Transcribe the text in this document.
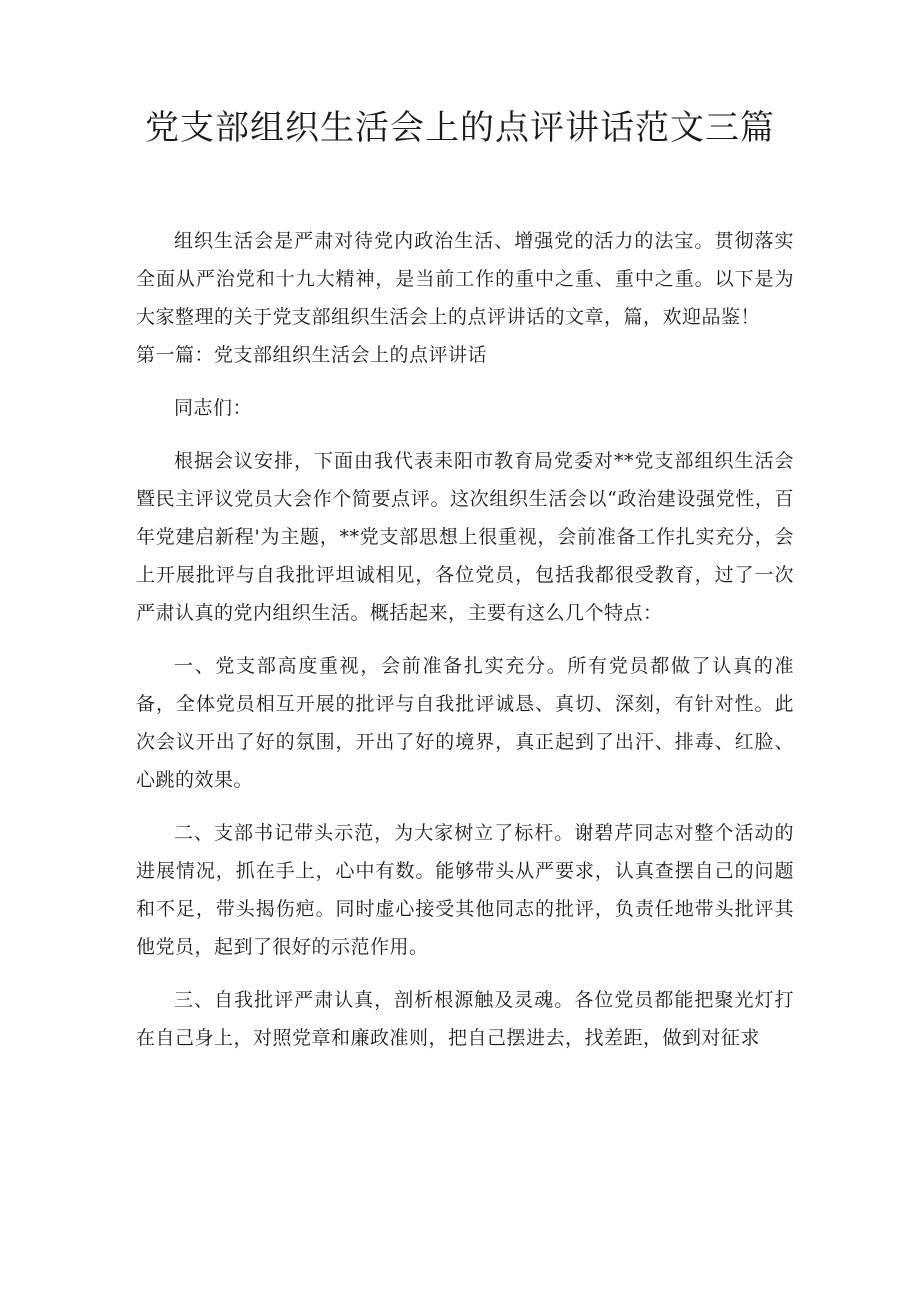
党支部组织生活会上的点评讲话范文三篇

组织生活会是严肃对待党内政治生活、增强党的活力的法宝。贯彻落实全面从严治党和十九大精神，是当前工作的重中之重、重中之重。以下是为大家整理的关于党支部组织生活会上的点评讲话的文章，篇，欢迎品鉴！

第一篇：党支部组织生活会上的点评讲话

同志们：

根据会议安排，下面由我代表耒阳市教育局党委对**党支部组织生活会暨民主评议党员大会作个简要点评。这次组织生活会以“政治建设强党性，百年党建启新程'为主题，**党支部思想上很重视，会前准备工作扎实充分，会上开展批评与自我批评坦诚相见，各位党员，包括我都很受教育，过了一次严肃认真的党内组织生活。概括起来，主要有这么几个特点：

一、党支部高度重视，会前准备扎实充分。所有党员都做了认真的准备，全体党员相互开展的批评与自我批评诚恳、真切、深刻，有针对性。此次会议开出了好的氛围，开出了好的境界，真正起到了出汗、排毒、红脸、心跳的效果。

二、支部书记带头示范，为大家树立了标杆。谢碧芹同志对整个活动的进展情况，抓在手上，心中有数。能够带头从严要求，认真查摆自己的问题和不足，带头揭伤疤。同时虚心接受其他同志的批评，负责任地带头批评其他党员，起到了很好的示范作用。

三、自我批评严肃认真，剖析根源触及灵魂。各位党员都能把聚光灯打在自己身上，对照党章和廉政准则，把自己摆进去，找差距，做到对征求
